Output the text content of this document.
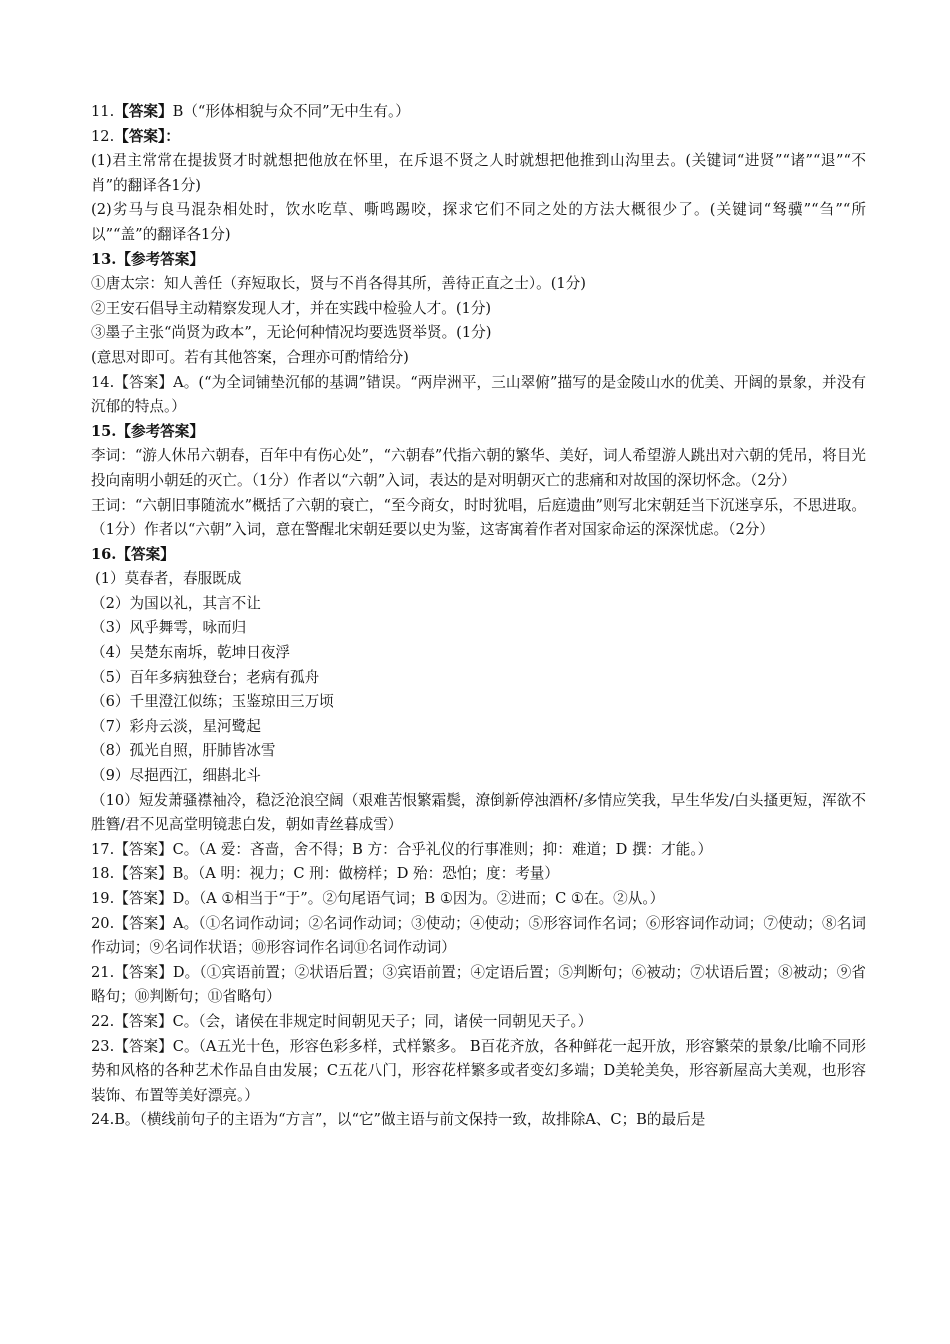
11.【答案】B（“形体相貌与众不同”无中生有。）
12.【答案】：
(1)君主常常在提拔贤才时就想把他放在怀里，在斥退不贤之人时就想把他推到山沟里去。(关键词“进贤”“诸”“退”“不肖”的翻译各1分)
(2)劣马与良马混杂相处时，饮水吃草、嘶鸣踢咬，探求它们不同之处的方法大概很少了。(关键词“驽骥”“刍”“所以”“盖”的翻译各1分)
13.【参考答案】
①唐太宗：知人善任（弃短取长，贤与不肖各得其所，善待正直之士）。(1分)
②王安石倡导主动精察发现人才，并在实践中检验人才。(1分)
③墨子主张“尚贤为政本”，无论何种情况均要选贤举贤。(1分)
(意思对即可。若有其他答案，合理亦可酌情给分)
14.【答案】A。(“为全词铺垫沉郁的基调”错误。“两岸洲平，三山翠俯”描写的是金陵山水的优美、开阔的景象，并没有沉郁的特点。）
15.【参考答案】
李词：“游人休吊六朝春，百年中有伤心处”，“六朝春”代指六朝的繁华、美好，词人希望游人跳出对六朝的凭吊，将目光投向南明小朝廷的灭亡。（1分）作者以“六朝”入词，表达的是对明朝灭亡的悲痛和对故国的深切怀念。（2分）
王词：“六朝旧事随流水”概括了六朝的衰亡，“至今商女，时时犹唱，后庭遗曲”则写北宋朝廷当下沉迷享乐，不思进取。（1分）作者以“六朝”入词，意在警醒北宋朝廷要以史为鉴，这寄寓着作者对国家命运的深深忧虑。（2分）
16.【答案】
(1）莫春者，春服既成
（2）为国以礼，其言不让
（3）风乎舞雩，咏而归
（4）吴楚东南坼，乾坤日夜浮
（5）百年多病独登台；老病有孤舟
（6）千里澄江似练；玉鉴琼田三万顷
（7）彩舟云淡，星河鹭起
（8）孤光自照，肝肺皆冰雪
（9）尽挹西江，细斟北斗
（10）短发萧骚襟袖冷，稳泛沧浪空阔（艰难苦恨繁霜鬓，潦倒新停浊酒杯/多情应笑我，早生华发/白头搔更短，浑欲不胜簪/君不见高堂明镜悲白发，朝如青丝暮成雪）
17.【答案】C。（A 爱：吝啬，舍不得；B 方：合乎礼仪的行事准则；抑：难道；D 撰：才能。）
18.【答案】B。（A 明：视力；C 刑：做榜样；D 殆：恐怕；度：考量）
19.【答案】D。（A ①相当于“于”。②句尾语气词；B ①因为。②进而；C ①在。②从。）
20.【答案】A。（①名词作动词；②名词作动词；③使动；④使动；⑤形容词作名词；⑥形容词作动词；⑦使动；⑧名词作动词；⑨名词作状语；⑩形容词作名词⑪名词作动词）
21.【答案】D。（①宾语前置；②状语后置；③宾语前置；④定语后置；⑤判断句；⑥被动；⑦状语后置；⑧被动；⑨省略句；⑩判断句；⑪省略句）
22.【答案】C。（会，诸侯在非规定时间朝见天子；同，诸侯一同朝见天子。）
23.【答案】C。（A五光十色，形容色彩多样，式样繁多。 B百花齐放，各种鲜花一起开放，形容繁荣的景象/比喻不同形势和风格的各种艺术作品自由发展；C五花八门，形容花样繁多或者变幻多端；D美轮美奂，形容新屋高大美观，也形容装饰、布置等美好漂亮。）
24.B。（横线前句子的主语为“方言”，以“它”做主语与前文保持一致，故排除A、C；B的最后是
